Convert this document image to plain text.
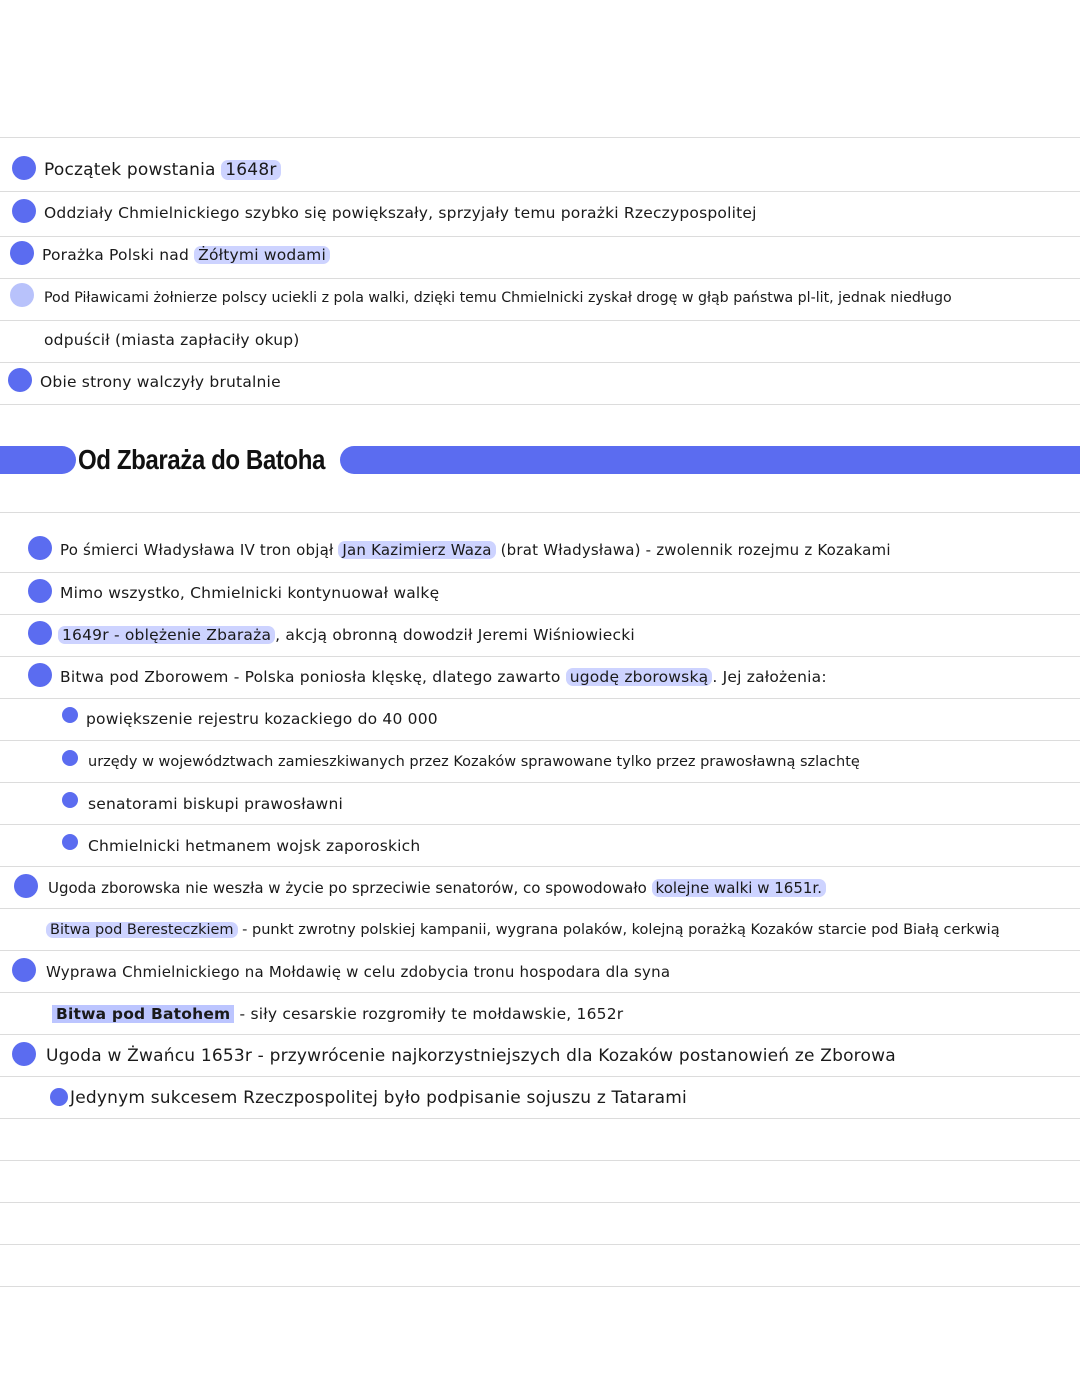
Początek powstania 1648r
Oddziały Chmielnickiego szybko się powiększały, sprzyjały temu porażki Rzeczypospolitej
Porażka Polski nad Żółtymi wodami
Pod Piławicami żołnierze polscy uciekli z pola walki, dzięki temu Chmielnicki zyskał drogę w głąb państwa pl-lit, jednak niedługo
odpuścił (miasta zapłaciły okup)
Obie strony walczyły brutalnie
Od Zbaraża do Batoha
Po śmierci Władysława IV tron objął Jan Kazimierz Waza (brat Władysława) - zwolennik rozejmu z Kozakami
Mimo wszystko, Chmielnicki kontynuował walkę
1649r - oblężenie Zbaraża , akcją obronną dowodził Jeremi Wiśniowiecki
Bitwa pod Zborowem - Polska poniosła klęskę, dlatego zawarto ugodę zborowską . Jej założenia:
powiększenie rejestru kozackiego do 40 000
urzędy w województwach zamieszkiwanych przez Kozaków sprawowane tylko przez prawosławną szlachtę
senatorami biskupi prawosławni
Chmielnicki hetmanem wojsk zaporoskich
Ugoda zborowska nie weszła w życie po sprzeciwie senatorów, co spowodowało kolejne walki w 1651r.
Bitwa pod Beresteczkiem - punkt zwrotny polskiej kampanii, wygrana polaków, kolejną porażką Kozaków starcie pod Białą cerkwią
Wyprawa Chmielnickiego na Mołdawię w celu zdobycia tronu hospodara dla syna
Bitwa pod Batohem - siły cesarskie rozgromiły te mołdawskie, 1652r
Ugoda w Żwańcu 1653r - przywrócenie najkorzystniejszych dla Kozaków postanowień ze Zborowa
Jedynym sukcesem Rzeczpospolitej było podpisanie sojuszu z Tatarami
